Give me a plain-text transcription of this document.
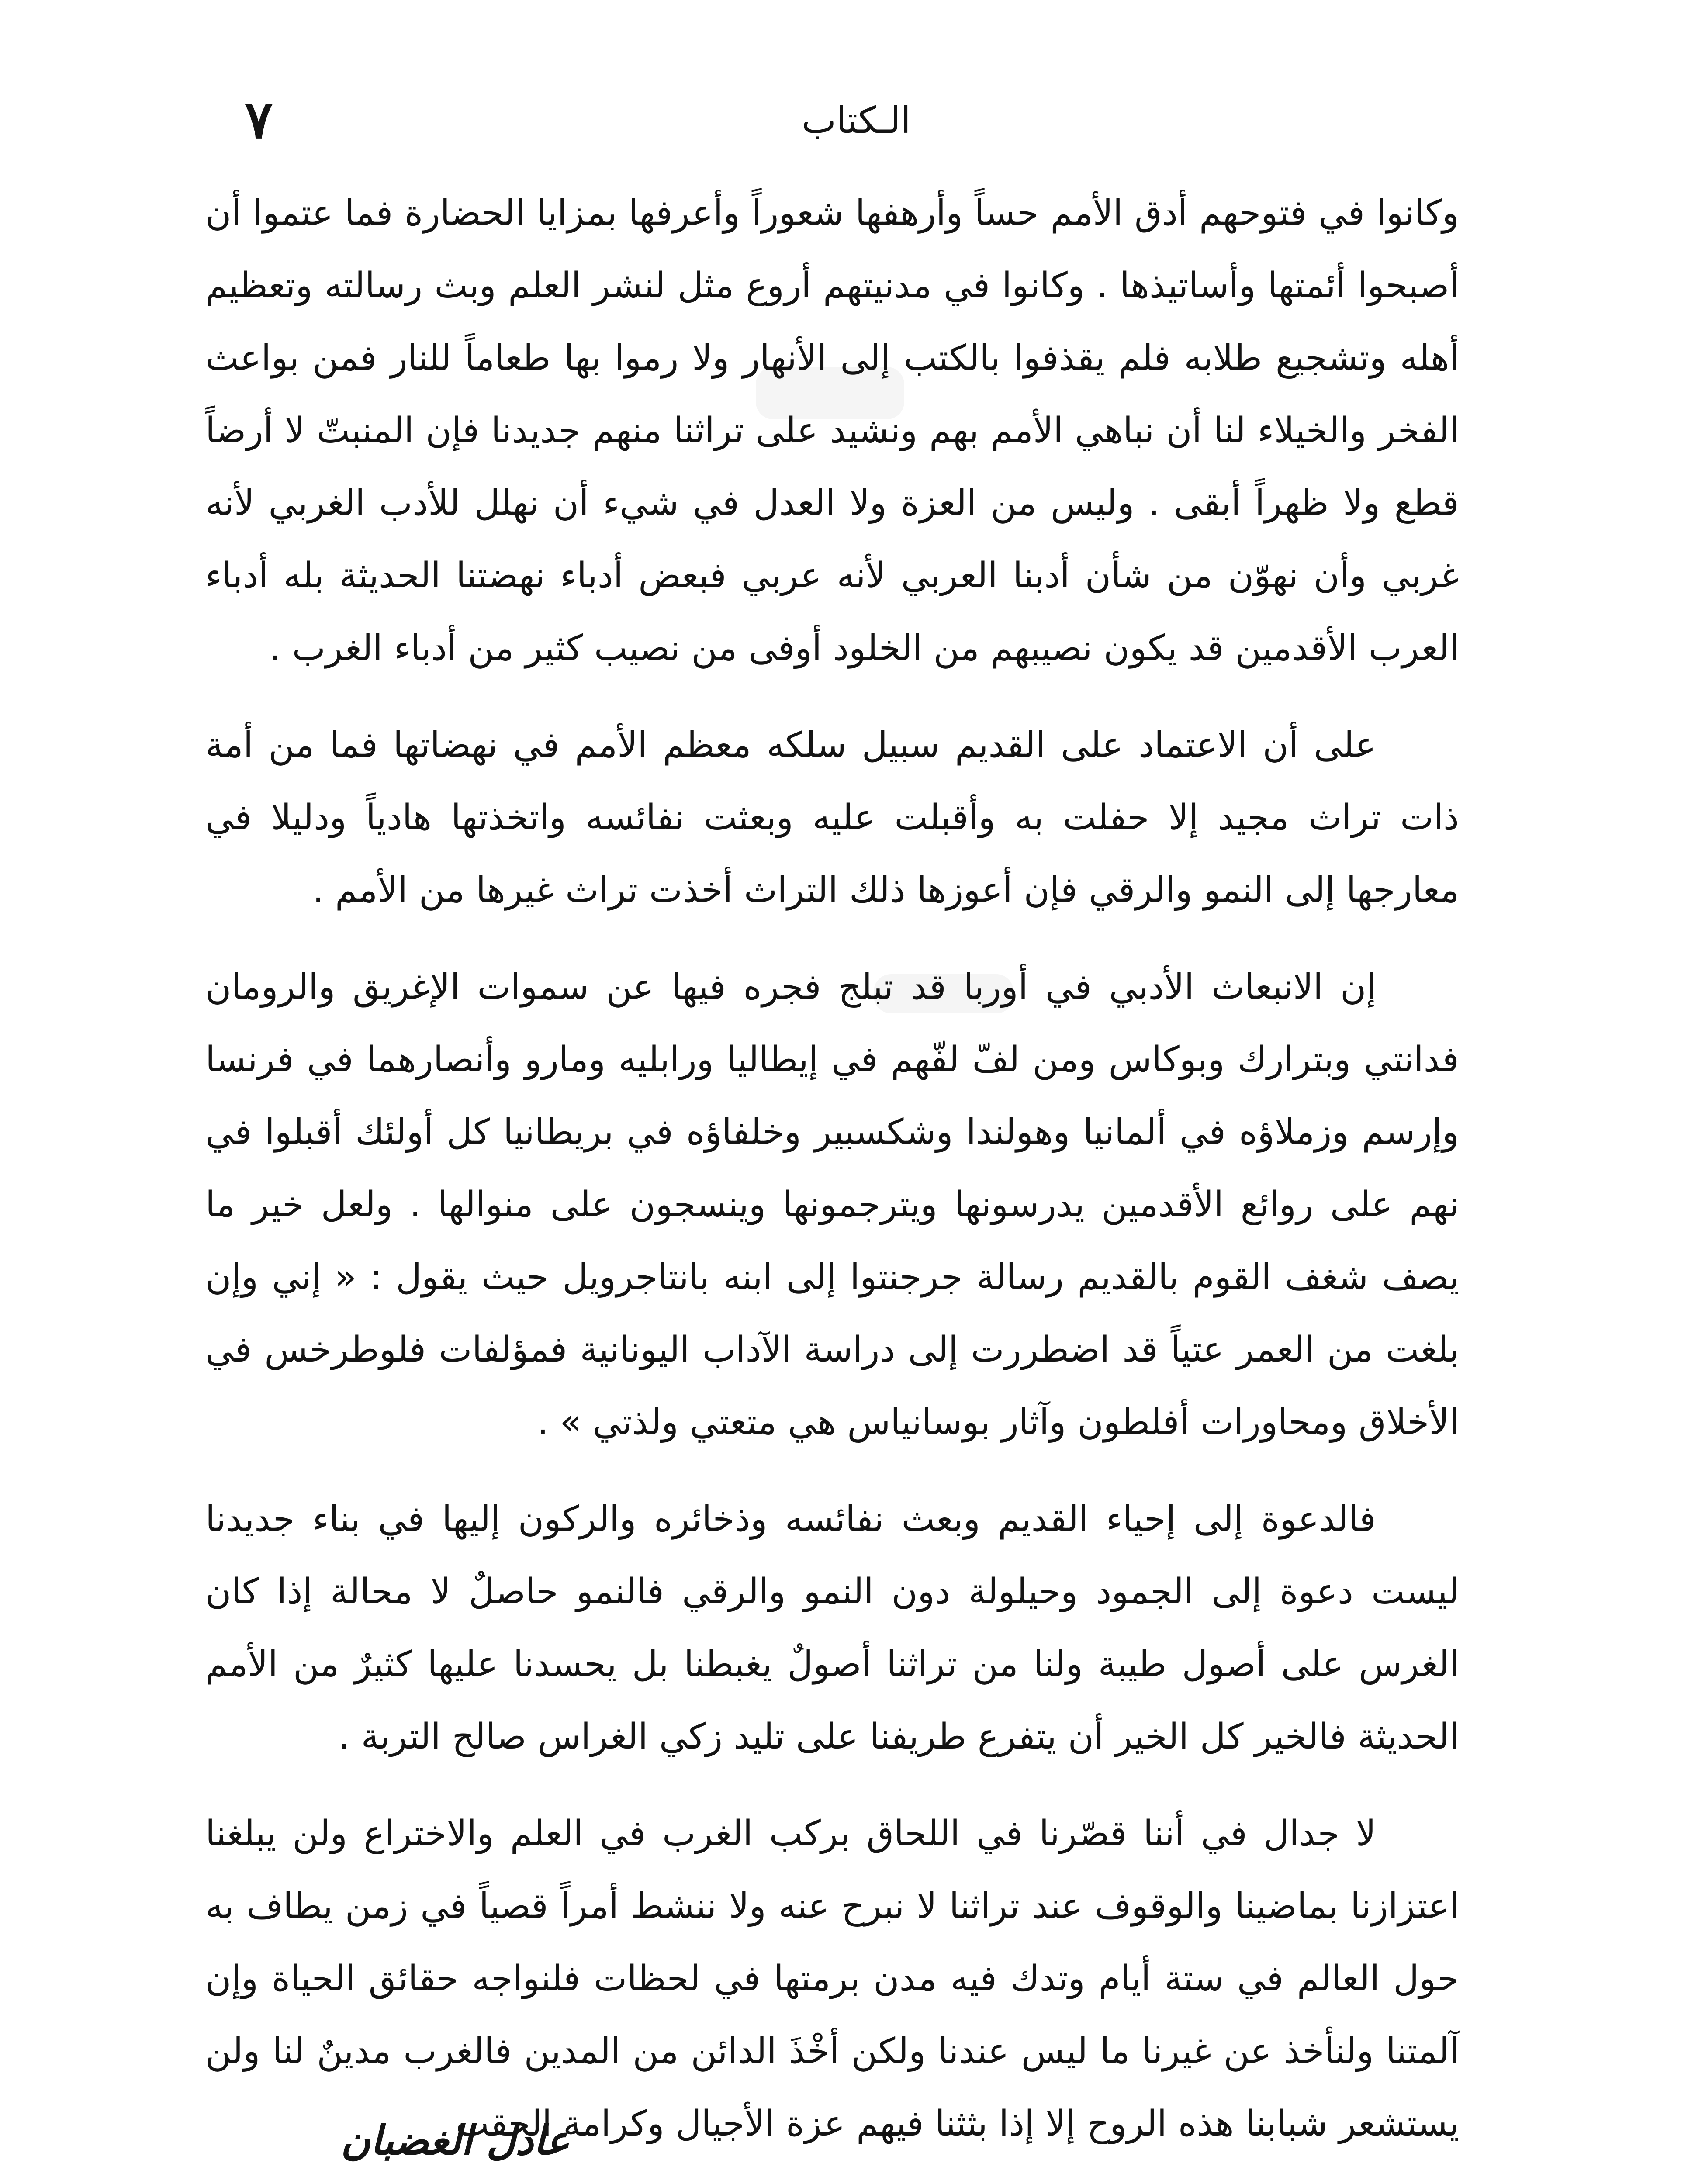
٧	الـكتاب

وكانوا في فتوحهم أدق الأمم حساً وأرهفها شعوراً وأعرفها بمزايا الحضارة فما عتموا أن أصبحوا أئمتها وأساتيذها . وكانوا في مدنيتهم أروع مثل لنشر العلم وبث رسالته وتعظيم أهله وتشجيع طلابه فلم يقذفوا بالكتب إلى الأنهار ولا رموا بها طعاماً للنار فمن بواعث الفخر والخيلاء لنا أن نباهي الأمم بهم ونشيد على تراثنا منهم جديدنا فإن المنبتّ لا أرضاً قطع ولا ظهراً أبقى . وليس من العزة ولا العدل في شيء أن نهلل للأدب الغربي لأنه غربي وأن نهوّن من شأن أدبنا العربي لأنه عربي فبعض أدباء نهضتنا الحديثة بله أدباء العرب الأقدمين قد يكون نصيبهم من الخلود أوفى من نصيب كثير من أدباء الغرب .

على أن الاعتماد على القديم سبيل سلكه معظم الأمم في نهضاتها فما من أمة ذات تراث مجيد إلا حفلت به وأقبلت عليه وبعثت نفائسه واتخذتها هادياً ودليلا في معارجها إلى النمو والرقي فإن أعوزها ذلك التراث أخذت تراث غيرها من الأمم .

إن الانبعاث الأدبي في أوربا قد تبلج فجره فيها عن سموات الإغريق والرومان فدانتي وبترارك وبوكاس ومن لفّ لفّهم في إيطاليا ورابليه ومارو وأنصارهما في فرنسا وإرسم وزملاؤه في ألمانيا وهولندا وشكسبير وخلفاؤه في بريطانيا كل أولئك أقبلوا في نهم على روائع الأقدمين يدرسونها ويترجمونها وينسجون على منوالها . ولعل خير ما يصف شغف القوم بالقديم رسالة جرجنتوا إلى ابنه بانتاجرويل حيث يقول : « إني وإن بلغت من العمر عتياً قد اضطررت إلى دراسة الآداب اليونانية فمؤلفات فلوطرخس في الأخلاق ومحاورات أفلطون وآثار بوسانياس هي متعتي ولذتي » .

فالدعوة إلى إحياء القديم وبعث نفائسه وذخائره والركون إليها في بناء جديدنا ليست دعوة إلى الجمود وحيلولة دون النمو والرقي فالنمو حاصلٌ لا محالة إذا كان الغرس على أصول طيبة ولنا من تراثنا أصولٌ يغبطنا بل يحسدنا عليها كثيرٌ من الأمم الحديثة فالخير كل الخير أن يتفرع طريفنا على تليد زكي الغراس صالح التربة .

لا جدال في أننا قصّرنا في اللحاق بركب الغرب في العلم والاختراع ولن يبلغنا اعتزازنا بماضينا والوقوف عند تراثنا لا نبرح عنه ولا ننشط أمراً قصياً في زمن يطاف به حول العالم في ستة أيام وتدك فيه مدن برمتها في لحظات فلنواجه حقائق الحياة وإن آلمتنا ولنأخذ عن غيرنا ما ليس عندنا ولكن أخْذَ الدائن من المدين فالغرب مدينٌ لنا ولن يستشعر شبابنا هذه الروح إلا إذا بثثنا فيهم عزة الأجيال وكرامة الحقب

عادل الغضبان
